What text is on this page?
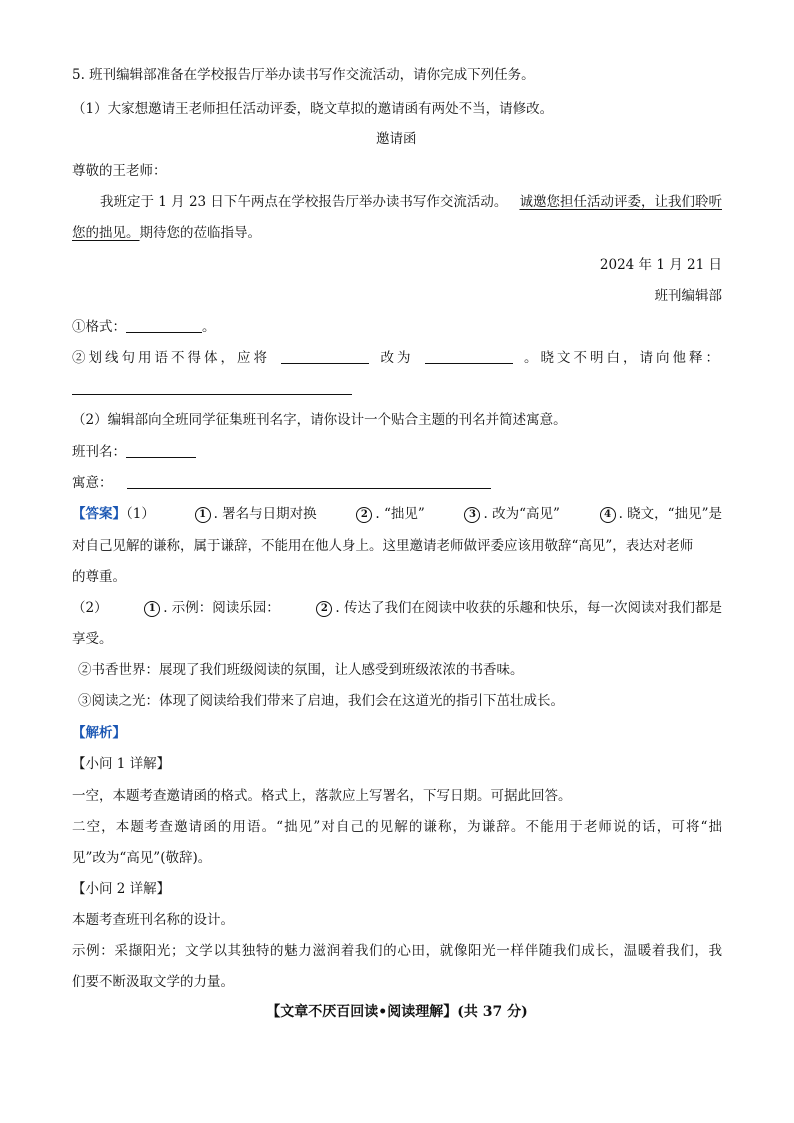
5. 班刊编辑部准备在学校报告厅举办读书写作交流活动，请你完成下列任务。
（1）大家想邀请王老师担任活动评委，晓文草拟的邀请函有两处不当，请修改。
邀请函
尊敬的王老师：
我班定于 1 月 23 日下午两点在学校报告厅举办读书写作交流活动。 诚邀您担任活动评委，让我们聆听
您的拙见。期待您的莅临指导。
2024 年 1 月 21 日
班刊编辑部
①格式：	。
②划线句用语不得体，应将	改为	。晓文不明白，请向他释：
（2）编辑部向全班同学征集班刊名字，请你设计一个贴合主题的刊名并简述寓意。
班刊名：
寓意：
【答案】（1）	1 . 署名与日期对换	2 . “拙见”	3 . 改为“高见”	4 . 晓文，“拙见”是
对自己见解的谦称，属于谦辞，不能用在他人身上。这里邀请老师做评委应该用敬辞“高见”，表达对老师
的尊重。
（2）	1 . 示例：阅读乐园：	2 . 传达了我们在阅读中收获的乐趣和快乐，每一次阅读对我们都是
享受。
②书香世界：展现了我们班级阅读的氛围，让人感受到班级浓浓的书香味。
③阅读之光：体现了阅读给我们带来了启迪，我们会在这道光的指引下茁壮成长。
【解析】
【小问 1 详解】
一空，本题考查邀请函的格式。格式上，落款应上写署名，下写日期。可据此回答。
二空，本题考查邀请函的用语。“拙见”对自己的见解的谦称，为谦辞。不能用于老师说的话，可将“拙
见”改为“高见”(敬辞)。
【小问 2 详解】
本题考查班刊名称的设计。
示例：采撷阳光；文学以其独特的魅力滋润着我们的心田，就像阳光一样伴随我们成长，温暖着我们，我
们要不断汲取文学的力量。
【文章不厌百回读•阅读理解】(共 37 分)
